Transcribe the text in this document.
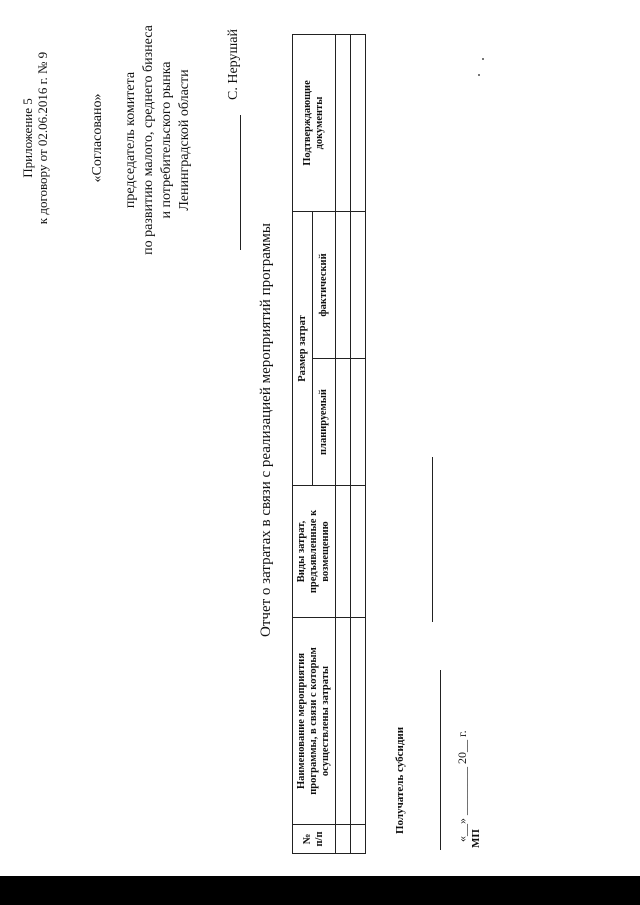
Приложение 5 к договору от 02.06.2016 г. № 9	«Согласовано» председатель комитета по развитию малого, среднего бизнеса и потребительского рынка Ленинградской области
С. Нерушай
Отчет о затратах в связи с реализацией мероприятий программы
№ п/п	Наименование мероприятия программы, в связи с которым осуществлены затраты	Виды затрат, предъявленные к возмещению	Размер затрат		Подтверждающие документы
			планируемый	фактический	

Получатель субсидии	«__» ________ 20__ г. МП
